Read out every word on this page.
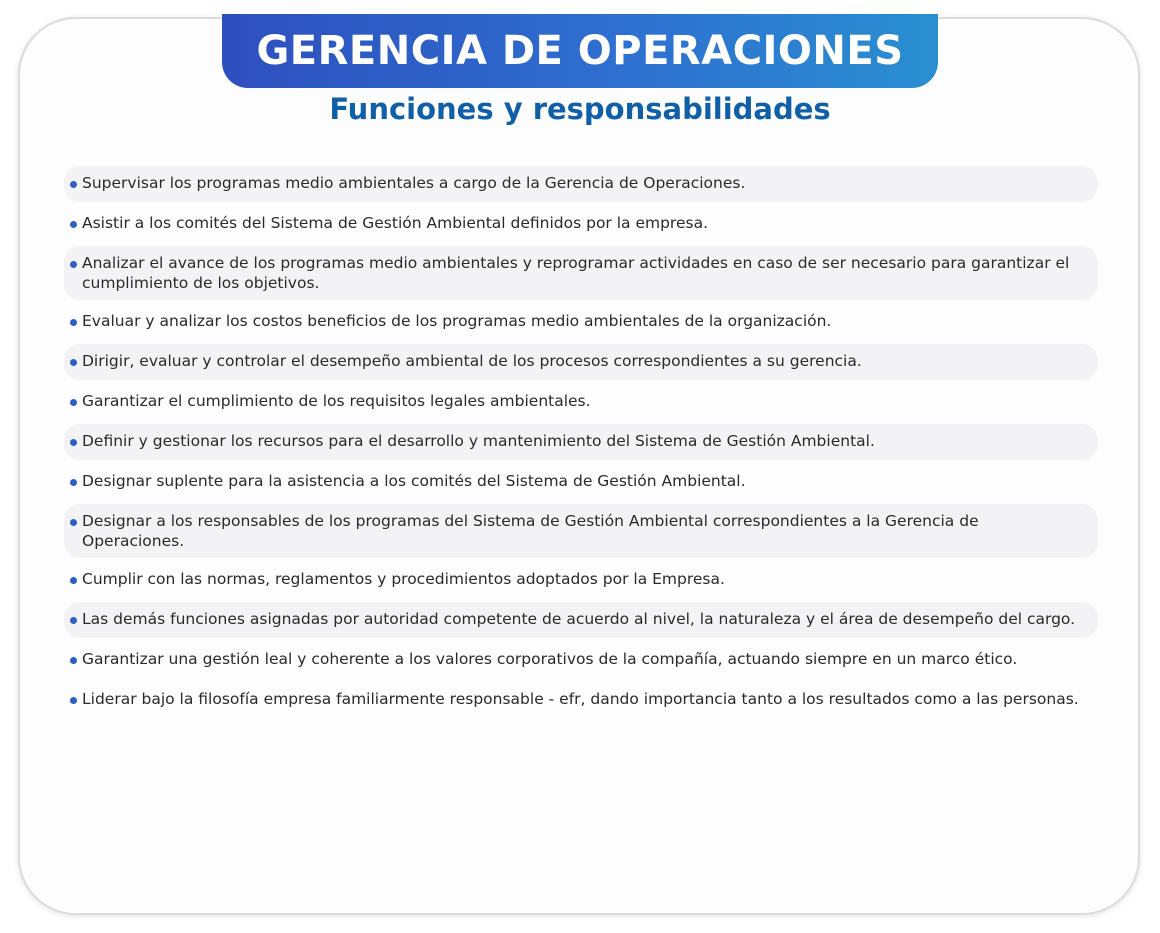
GERENCIA DE OPERACIONES
Funciones y responsabilidades
Supervisar los programas medio ambientales a cargo de la Gerencia de Operaciones.
Asistir a los comités del Sistema de Gestión Ambiental definidos por la empresa.
Analizar el avance de los programas medio ambientales y reprogramar actividades en caso de ser necesario para garantizar el cumplimiento de los objetivos.
Evaluar y analizar los costos beneficios de los programas medio ambientales de la organización.
Dirigir, evaluar y controlar el desempeño ambiental de los procesos correspondientes a su gerencia.
Garantizar el cumplimiento de los requisitos legales ambientales.
Definir y gestionar los recursos para el desarrollo y mantenimiento del Sistema de Gestión Ambiental.
Designar suplente para la asistencia a los comités del Sistema de Gestión Ambiental.
Designar a los responsables de los programas del Sistema de Gestión Ambiental correspondientes a la Gerencia de Operaciones.
Cumplir con las normas, reglamentos y procedimientos adoptados por la Empresa.
Las demás funciones asignadas por autoridad competente de acuerdo al nivel, la naturaleza y el área de desempeño del cargo.
Garantizar una gestión leal y coherente a los valores corporativos de la compañía, actuando siempre en un marco ético.
Liderar bajo la filosofía empresa familiarmente responsable - efr, dando importancia tanto a los resultados como a las personas.
